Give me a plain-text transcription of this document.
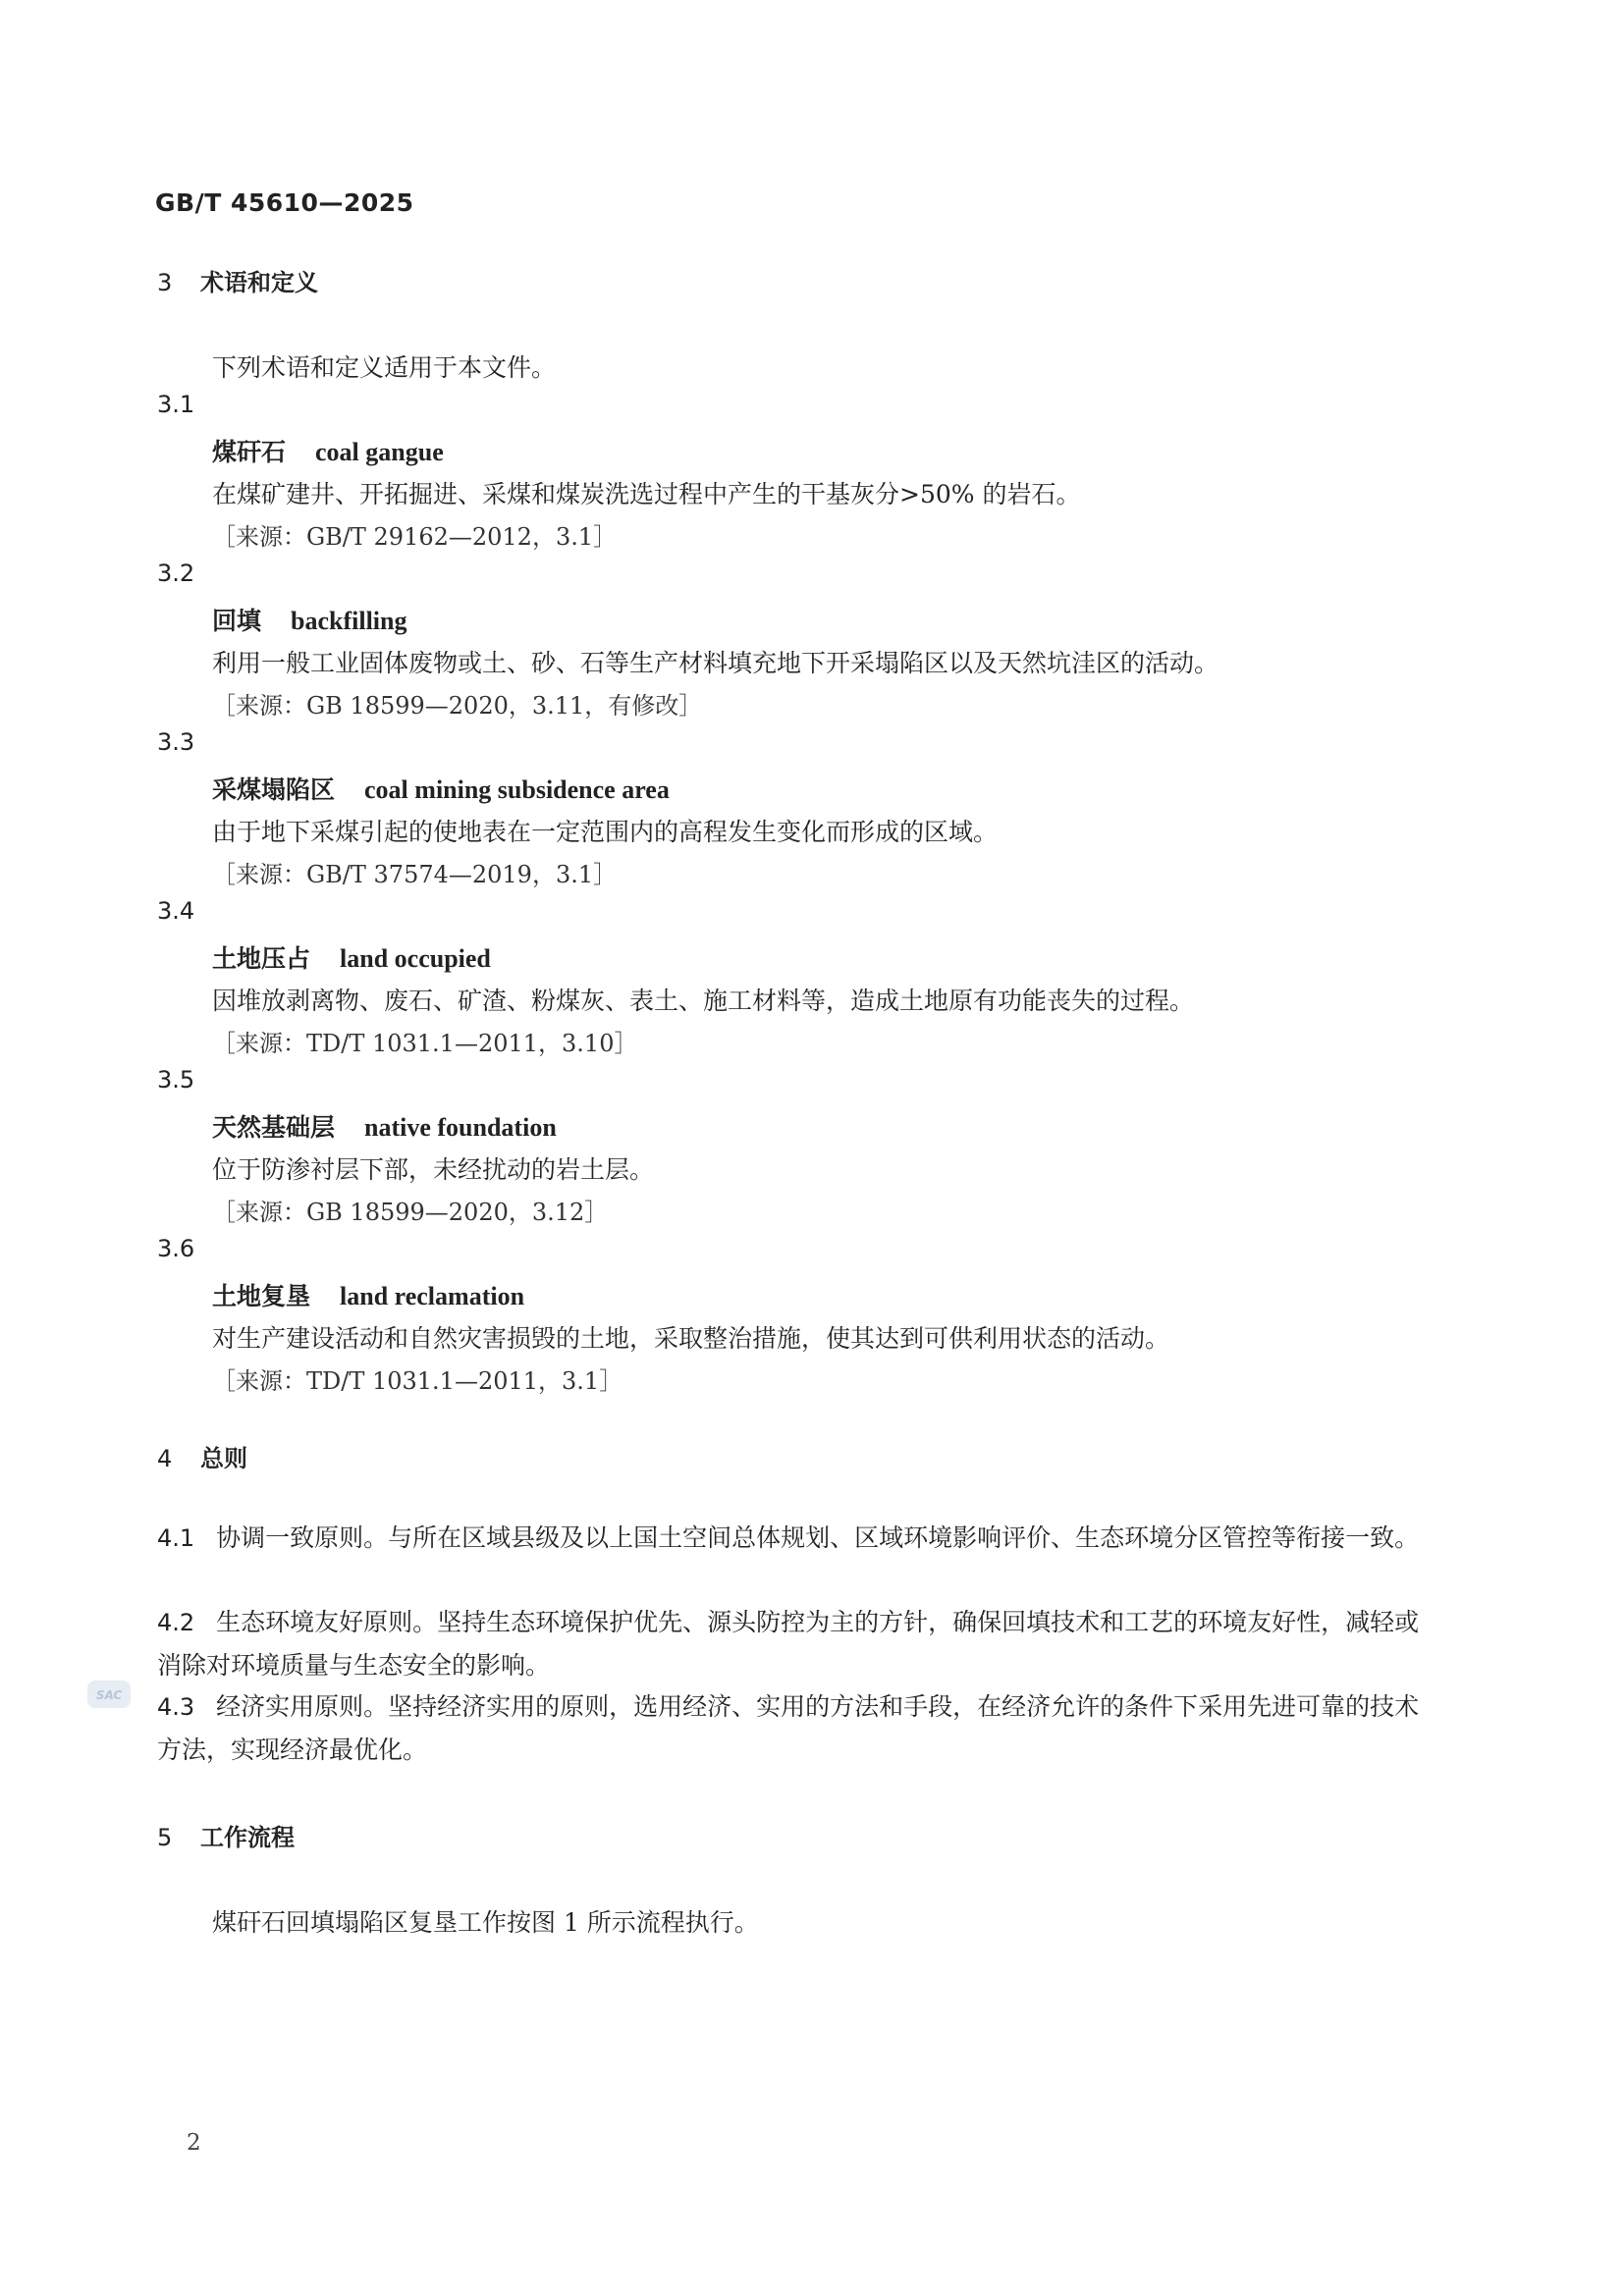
GB/T 45610—2025
3 术语和定义
下列术语和定义适用于本文件。
3.1
煤矸石 coal gangue
在煤矿建井、开拓掘进、采煤和煤炭洗选过程中产生的干基灰分>50% 的岩石。
［来源：GB/T 29162—2012，3.1］
3.2
回填 backfilling
利用一般工业固体废物或土、砂、石等生产材料填充地下开采塌陷区以及天然坑洼区的活动。
［来源：GB 18599—2020，3.11，有修改］
3.3
采煤塌陷区 coal mining subsidence area
由于地下采煤引起的使地表在一定范围内的高程发生变化而形成的区域。
［来源：GB/T 37574—2019，3.1］
3.4
土地压占 land occupied
因堆放剥离物、废石、矿渣、粉煤灰、表土、施工材料等，造成土地原有功能丧失的过程。
［来源：TD/T 1031.1—2011，3.10］
3.5
天然基础层 native foundation
位于防渗衬层下部，未经扰动的岩土层。
［来源：GB 18599—2020，3.12］
3.6
土地复垦 land reclamation
对生产建设活动和自然灾害损毁的土地，采取整治措施，使其达到可供利用状态的活动。
［来源：TD/T 1031.1—2011，3.1］
4 总则
4.1 协调一致原则。与所在区域县级及以上国土空间总体规划、区域环境影响评价、生态环境分区管控等衔接一致。
4.2 生态环境友好原则。坚持生态环境保护优先、源头防控为主的方针，确保回填技术和工艺的环境友好性，减轻或消除对环境质量与生态安全的影响。
4.3 经济实用原则。坚持经济实用的原则，选用经济、实用的方法和手段，在经济允许的条件下采用先进可靠的技术方法，实现经济最优化。
5 工作流程
煤矸石回填塌陷区复垦工作按图 1 所示流程执行。
SAC
2
